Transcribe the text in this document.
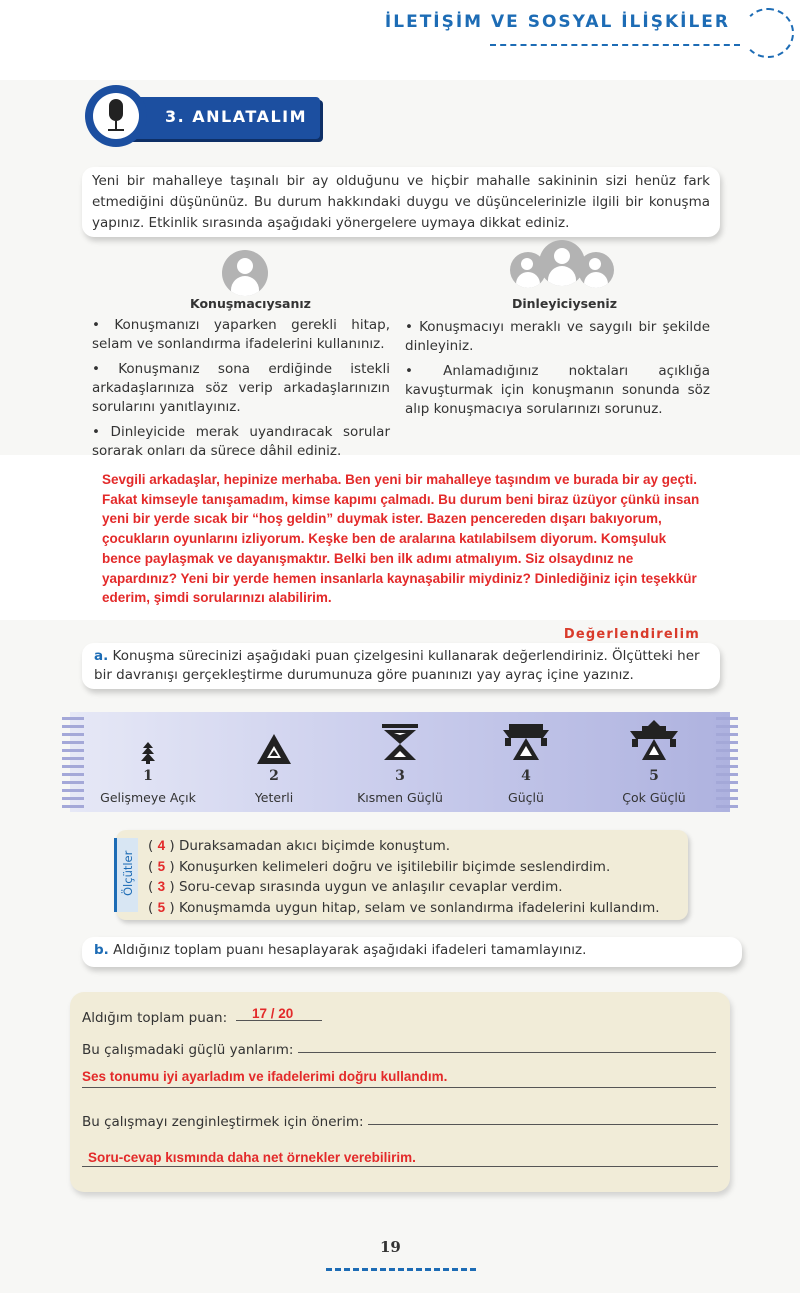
İLETİŞİM VE SOSYAL İLİŞKİLER
3. ANLATALIM
Yeni bir mahalleye taşınalı bir ay olduğunu ve hiçbir mahalle sakininin sizi henüz fark etmediğini düşününüz. Bu durum hakkındaki duygu ve düşüncelerinizle ilgili bir konuşma yapınız. Etkinlik sırasında aşağıdaki yönergelere uymaya dikkat ediniz.
Konuşmacıysanız

• Konuşmanızı yaparken gerekli hitap, selam ve sonlandırma ifadelerini kullanınız.

• Konuşmanız sona erdiğinde istekli arkadaşlarınıza söz verip arkadaşlarınızın sorularını yanıtlayınız.

• Dinleyicide merak uyandıracak sorular sorarak onları da sürece dâhil ediniz.

Dinleyiciyseniz

• Konuşmacıyı meraklı ve saygılı bir şekilde dinleyiniz.

• Anlamadığınız noktaları açıklığa kavuşturmak için konuşmanın sonunda söz alıp konuşmacıya sorularınızı sorunuz.

Sevgili arkadaşlar, hepinize merhaba. Ben yeni bir mahalleye taşındım ve burada bir ay geçti. Fakat kimseyle tanışamadım, kimse kapımı çalmadı. Bu durum beni biraz üzüyor çünkü insan yeni bir yerde sıcak bir “hoş geldin” duymak ister. Bazen pencereden dışarı bakıyorum, çocukların oyunlarını izliyorum. Keşke ben de aralarına katılabilsem diyorum. Komşuluk bence paylaşmak ve dayanışmaktır. Belki ben ilk adımı atmalıyım. Siz olsaydınız ne yapardınız? Yeni bir yerde hemen insanlarla kaynaşabilir miydiniz? Dinlediğiniz için teşekkür ederim, şimdi sorularınızı alabilirim.
Değerlendirelim
a. Konuşma sürecinizi aşağıdaki puan çizelgesini kullanarak değerlendiriniz. Ölçütteki her bir davranışı gerçekleştirme durumunuza göre puanınızı yay ayraç içine yazınız.
1
Gelişmeye Açık
2
Yeterli
3
Kısmen Güçlü
4
Güçlü
5
Çok Güçlü
Ölçütler
( 4 ) Duraksamadan akıcı biçimde konuştum.
( 5 ) Konuşurken kelimeleri doğru ve işitilebilir biçimde seslendirdim.
( 3 ) Soru-cevap sırasında uygun ve anlaşılır cevaplar verdim.
( 5 ) Konuşmamda uygun hitap, selam ve sonlandırma ifadelerini kullandım.
b. Aldığınız toplam puanı hesaplayarak aşağıdaki ifadeleri tamamlayınız.
Aldığım toplam puan: 17 / 20
Bu çalışmadaki güçlü yanlarım:
Ses tonumu iyi ayarladım ve ifadelerimi doğru kullandım.
Bu çalışmayı zenginleştirmek için önerim:
Soru-cevap kısmında daha net örnekler verebilirim.
19
